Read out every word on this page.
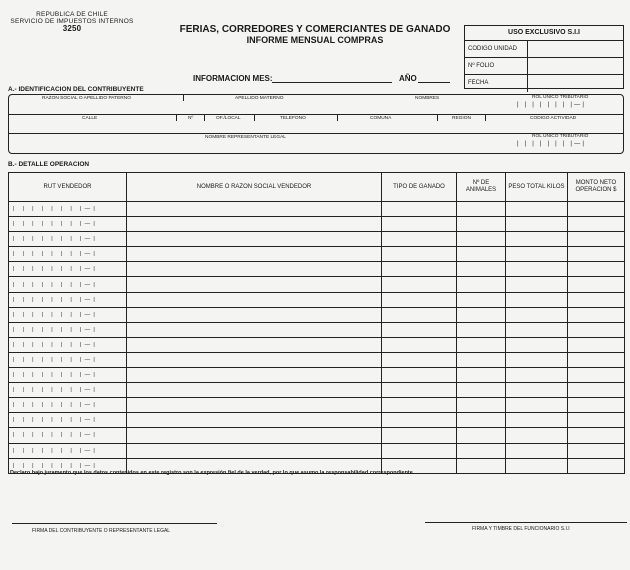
REPUBLICA DE CHILE
SERVICIO DE IMPUESTOS INTERNOS
3250	FERIAS, CORREDORES Y COMERCIANTES DE GANADO
INFORME MENSUAL COMPRAS
USO EXCLUSIVO S.I.I
CODIGO UNIDAD
Nº FOLIO
FECHA
INFORMACION MES:	AÑO
A.- IDENTIFICACION DEL CONTRIBUYENTE
RAZON SOCIAL O APELLIDO PATERNO	APELLIDO MATERNO	NOMBRES	ROL UNICO TRIBUTARIO
| | | | | | | |—|
CALLE	Nº	OF./LOCAL	TELEFONO	COMUNA	REGION	CODIGO ACTIVIDAD
NOMBRE REPRESENTANTE LEGAL	ROL UNICO TRIBUTARIO
| | | | | | | |—|
B.- DETALLE OPERACION
RUT VENDEDOR	NOMBRE O RAZON SOCIAL VENDEDOR	TIPO DE GANADO	Nº DE ANIMALES	PESO TOTAL KILOS	MONTO NETO OPERACION $
| | | | | | | |—|					
| | | | | | | |—|					
| | | | | | | |—|					
| | | | | | | |—|					
| | | | | | | |—|					
| | | | | | | |—|					
| | | | | | | |—|					
| | | | | | | |—|					
| | | | | | | |—|					
| | | | | | | |—|					
| | | | | | | |—|					
| | | | | | | |—|					
| | | | | | | |—|					
| | | | | | | |—|					
| | | | | | | |—|					
| | | | | | | |—|					
| | | | | | | |—|					
| | | | | | | |—|					
Declaro bajo juramento que los datos contenidos en este registro son la expresión fiel de la verdad, por lo que asumo la responsabilidad correspondiente.
FIRMA DEL CONTRIBUYENTE O REPRESENTANTE LEGAL	FIRMA Y TIMBRE DEL FUNCIONARIO S.I.I
